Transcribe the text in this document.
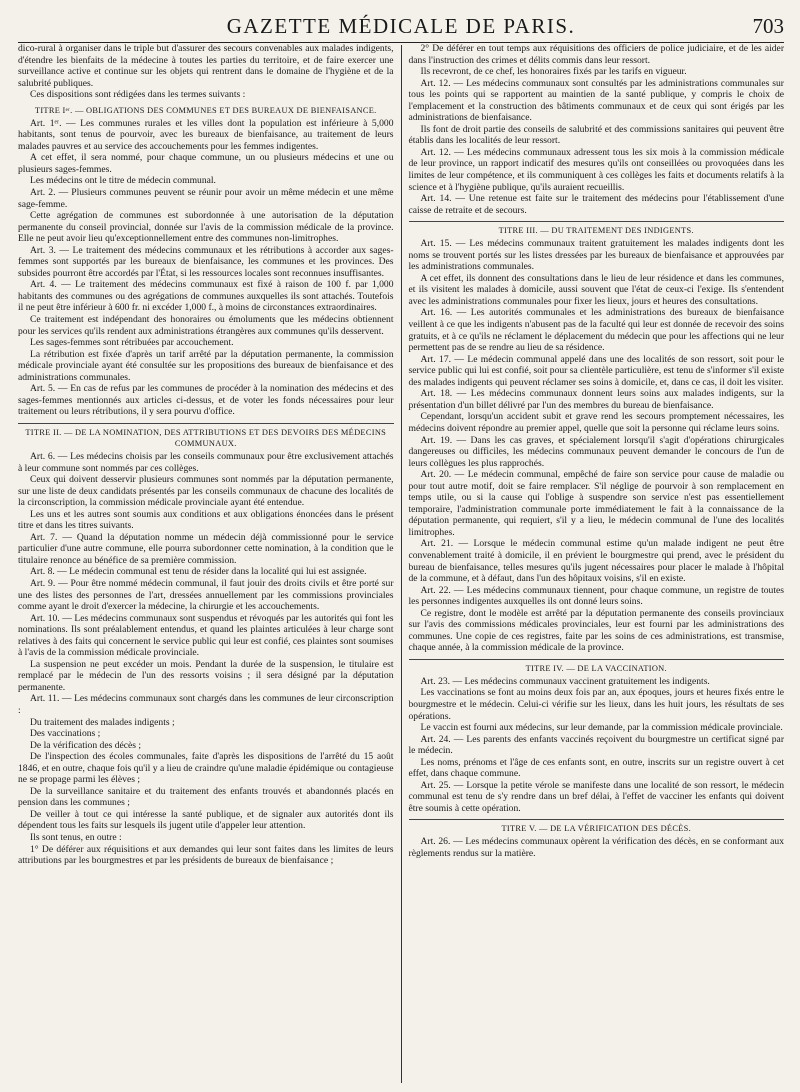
GAZETTE MÉDICALE DE PARIS.	703

dico-rural à organiser dans le triple but d'assurer des secours convenables aux malades indigents, d'étendre les bienfaits de la médecine à toutes les parties du territoire, et de faire exercer une surveillance active et continue sur les objets qui rentrent dans le domaine de l'hygiène et de la salubrité publiques.

Ces dispositions sont rédigées dans les termes suivants :

TITRE Iᵉʳ. — OBLIGATIONS DES COMMUNES ET DES BUREAUX DE BIENFAISANCE.

Art. 1ᵉʳ. — Les communes rurales et les villes dont la population est inférieure à 5,000 habitants, sont tenus de pourvoir, avec les bureaux de bienfaisance, au traitement de leurs malades pauvres et au service des accouchements pour les femmes indigentes.

A cet effet, il sera nommé, pour chaque commune, un ou plusieurs médecins et une ou plusieurs sages-femmes.

Les médecins ont le titre de médecin communal.

Art. 2. — Plusieurs communes peuvent se réunir pour avoir un même médecin et une même sage-femme.

Cette agrégation de communes est subordonnée à une autorisation de la députation permanente du conseil provincial, donnée sur l'avis de la commission médicale de la province. Elle ne peut avoir lieu qu'exceptionnellement entre des communes non-limitrophes.

Art. 3. — Le traitement des médecins communaux et les rétributions à accorder aux sages-femmes sont supportés par les bureaux de bienfaisance, les communes et les provinces. Des subsides pourront être accordés par l'État, si les ressources locales sont reconnues insuffisantes.

Art. 4. — Le traitement des médecins communaux est fixé à raison de 100 f. par 1,000 habitants des communes ou des agrégations de communes auxquelles ils sont attachés. Toutefois il ne peut être inférieur à 600 fr. ni excéder 1,000 f., à moins de circonstances extraordinaires.

Ce traitement est indépendant des honoraires ou émoluments que les médecins obtiennent pour les services qu'ils rendent aux administrations étrangères aux communes qu'ils desservent.

Les sages-femmes sont rétribuées par accouchement.

La rétribution est fixée d'après un tarif arrêté par la députation permanente, la commission médicale provinciale ayant été consultée sur les propositions des bureaux de bienfaisance et des administrations communales.

Art. 5. — En cas de refus par les communes de procéder à la nomination des médecins et des sages-femmes mentionnés aux articles ci-dessus, et de voter les fonds nécessaires pour leur traitement ou leurs rétributions, il y sera pourvu d'office.

TITRE II. — DE LA NOMINATION, DES ATTRIBUTIONS ET DES DEVOIRS DES MÉDECINS COMMUNAUX.

Art. 6. — Les médecins choisis par les conseils communaux pour être exclusivement attachés à leur commune sont nommés par ces collèges.

Ceux qui doivent desservir plusieurs communes sont nommés par la députation permanente, sur une liste de deux candidats présentés par les conseils communaux de chacune des localités de la circonscription, la commission médicale provinciale ayant été entendue.

Les uns et les autres sont soumis aux conditions et aux obligations énoncées dans le présent titre et dans les titres suivants.

Art. 7. — Quand la députation nomme un médecin déjà commissionné pour le service particulier d'une autre commune, elle pourra subordonner cette nomination, à la condition que le titulaire renonce au bénéfice de sa première commission.

Art. 8. — Le médecin communal est tenu de résider dans la localité qui lui est assignée.

Art. 9. — Pour être nommé médecin communal, il faut jouir des droits civils et être porté sur une des listes des personnes de l'art, dressées annuellement par les commissions provinciales comme ayant le droit d'exercer la médecine, la chirurgie et les accouchements.

Art. 10. — Les médecins communaux sont suspendus et révoqués par les autorités qui font les nominations. Ils sont préalablement entendus, et quand les plaintes articulées à leur charge sont relatives à des faits qui concernent le service public qui leur est confié, ces plaintes sont soumises à l'avis de la commission médicale provinciale.

La suspension ne peut excéder un mois. Pendant la durée de la suspension, le titulaire est remplacé par le médecin de l'un des ressorts voisins ; il sera désigné par la députation permanente.

Art. 11. — Les médecins communaux sont chargés dans les communes de leur circonscription :

Du traitement des malades indigents ;

Des vaccinations ;

De la vérification des décès ;

De l'inspection des écoles communales, faite d'après les dispositions de l'arrêté du 15 août 1846, et en outre, chaque fois qu'il y a lieu de craindre qu'une maladie épidémique ou contagieuse ne se propage parmi les élèves ;

De la surveillance sanitaire et du traitement des enfants trouvés et abandonnés placés en pension dans les communes ;

De veiller à tout ce qui intéresse la santé publique, et de signaler aux autorités dont ils dépendent tous les faits sur lesquels ils jugent utile d'appeler leur attention.

Ils sont tenus, en outre :

1° De déférer aux réquisitions et aux demandes qui leur sont faites dans les limites de leurs attributions par les bourgmestres et par les présidents de bureaux de bienfaisance ;

2° De déférer en tout temps aux réquisitions des officiers de police judiciaire, et de les aider dans l'instruction des crimes et délits commis dans leur ressort.

Ils recevront, de ce chef, les honoraires fixés par les tarifs en vigueur.

Art. 12. — Les médecins communaux sont consultés par les administrations communales sur tous les points qui se rapportent au maintien de la santé publique, y compris le choix de l'emplacement et la construction des bâtiments communaux et de ceux qui sont érigés par les administrations de bienfaisance.

Ils font de droit partie des conseils de salubrité et des commissions sanitaires qui peuvent être établis dans les localités de leur ressort.

Art. 12. — Les médecins communaux adressent tous les six mois à la commission médicale de leur province, un rapport indicatif des mesures qu'ils ont conseillées ou provoquées dans les limites de leur compétence, et ils communiquent à ces collèges les faits et documents relatifs à la science et à l'hygiène publique, qu'ils auraient recueillis.

Art. 14. — Une retenue est faite sur le traitement des médecins pour l'établissement d'une caisse de retraite et de secours.

TITRE III. — DU TRAITEMENT DES INDIGENTS.

Art. 15. — Les médecins communaux traitent gratuitement les malades indigents dont les noms se trouvent portés sur les listes dressées par les bureaux de bienfaisance et approuvées par les administrations communales.

A cet effet, ils donnent des consultations dans le lieu de leur résidence et dans les communes, et ils visitent les malades à domicile, aussi souvent que l'état de ceux-ci l'exige. Ils s'entendent avec les administrations communales pour fixer les lieux, jours et heures des consultations.

Art. 16. — Les autorités communales et les administrations des bureaux de bienfaisance veillent à ce que les indigents n'abusent pas de la faculté qui leur est donnée de recevoir des soins gratuits, et à ce qu'ils ne réclament le déplacement du médecin que pour les affections qui ne leur permettent pas de se rendre au lieu de sa résidence.

Art. 17. — Le médecin communal appelé dans une des localités de son ressort, soit pour le service public qui lui est confié, soit pour sa clientèle particulière, est tenu de s'informer s'il existe des malades indigents qui peuvent réclamer ses soins à domicile, et, dans ce cas, il doit les visiter.

Art. 18. — Les médecins communaux donnent leurs soins aux malades indigents, sur la présentation d'un billet délivré par l'un des membres du bureau de bienfaisance.

Cependant, lorsqu'un accident subit et grave rend les secours promptement nécessaires, les médecins doivent répondre au premier appel, quelle que soit la personne qui réclame leurs soins.

Art. 19. — Dans les cas graves, et spécialement lorsqu'il s'agit d'opérations chirurgicales dangereuses ou difficiles, les médecins communaux peuvent demander le concours de l'un de leurs collègues les plus rapprochés.

Art. 20. — Le médecin communal, empêché de faire son service pour cause de maladie ou pour tout autre motif, doit se faire remplacer. S'il néglige de pourvoir à son remplacement en temps utile, ou si la cause qui l'oblige à suspendre son service n'est pas essentiellement temporaire, l'administration communale porte immédiatement le fait à la connaissance de la députation permanente, qui requiert, s'il y a lieu, le médecin communal de l'une des localités limitrophes.

Art. 21. — Lorsque le médecin communal estime qu'un malade indigent ne peut être convenablement traité à domicile, il en prévient le bourgmestre qui prend, avec le président du bureau de bienfaisance, telles mesures qu'ils jugent nécessaires pour placer le malade à l'hôpital de la commune, et à défaut, dans l'un des hôpitaux voisins, s'il en existe.

Art. 22. — Les médecins communaux tiennent, pour chaque commune, un registre de toutes les personnes indigentes auxquelles ils ont donné leurs soins.

Ce registre, dont le modèle est arrêté par la députation permanente des conseils provinciaux sur l'avis des commissions médicales provinciales, leur est fourni par les administrations des communes. Une copie de ces registres, faite par les soins de ces administrations, est transmise, chaque année, à la commission médicale de la province.

TITRE IV. — DE LA VACCINATION.

Art. 23. — Les médecins communaux vaccinent gratuitement les indigents.

Les vaccinations se font au moins deux fois par an, aux époques, jours et heures fixés entre le bourgmestre et le médecin. Celui-ci vérifie sur les lieux, dans les huit jours, les résultats de ses opérations.

Le vaccin est fourni aux médecins, sur leur demande, par la commission médicale provinciale.

Art. 24. — Les parents des enfants vaccinés reçoivent du bourgmestre un certificat signé par le médecin.

Les noms, prénoms et l'âge de ces enfants sont, en outre, inscrits sur un registre ouvert à cet effet, dans chaque commune.

Art. 25. — Lorsque la petite vérole se manifeste dans une localité de son ressort, le médecin communal est tenu de s'y rendre dans un bref délai, à l'effet de vacciner les enfants qui doivent être soumis à cette opération.

TITRE V. — DE LA VÉRIFICATION DES DÉCÈS.

Art. 26. — Les médecins communaux opèrent la vérification des décès, en se conformant aux règlements rendus sur la matière.
